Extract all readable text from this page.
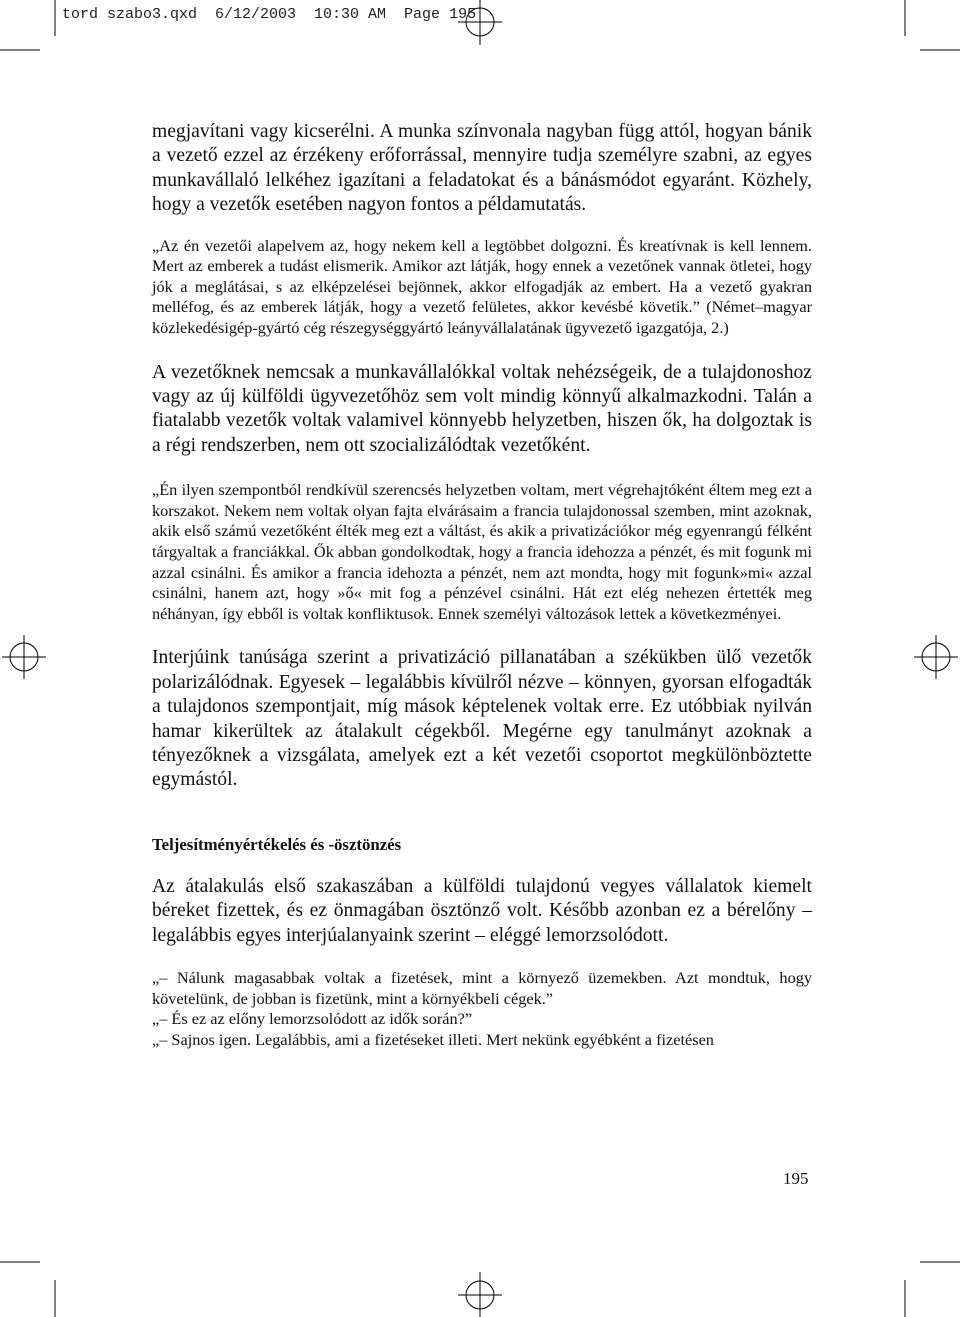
tord szabo3.qxd  6/12/2003  10:30 AM  Page 195

megjavítani vagy kicserélni. A munka színvonala nagyban függ attól, hogyan bánik a vezető ezzel az érzékeny erőforrással, mennyire tudja személyre szabni, az egyes munkavállaló lelkéhez igazítani a feladatokat és a bánásmódot egyaránt. Közhely, hogy a vezetők esetében nagyon fontos a példamutatás.

„Az én vezetői alapelvem az, hogy nekem kell a legtöbbet dolgozni. És kreatívnak is kell lennem. Mert az emberek a tudást elismerik. Amikor azt látják, hogy ennek a vezetőnek vannak ötletei, hogy jók a meglátásai, s az elképzelései bejönnek, akkor elfogadják az embert. Ha a vezető gyakran melléfog, és az emberek látják, hogy a vezető felületes, akkor kevésbé követik.” (Német–magyar közlekedésigép-gyártó cég részegységgyártó leányvállalatának ügyvezető igazgatója, 2.)

A vezetőknek nemcsak a munkavállalókkal voltak nehézségeik, de a tulajdonoshoz vagy az új külföldi ügyvezetőhöz sem volt mindig könnyű alkalmazkodni. Talán a fiatalabb vezetők voltak valamivel könnyebb helyzetben, hiszen ők, ha dolgoztak is a régi rendszerben, nem ott szocializálódtak vezetőként.

„Én ilyen szempontból rendkívül szerencsés helyzetben voltam, mert végrehajtóként éltem meg ezt a korszakot. Nekem nem voltak olyan fajta elvárásaim a francia tulajdonossal szemben, mint azoknak, akik első számú vezetőként élték meg ezt a váltást, és akik a privatizációkor még egyenrangú félként tárgyaltak a franciákkal. Ők abban gondolkodtak, hogy a francia idehozza a pénzét, és mit fogunk mi azzal csinálni. És amikor a francia idehozta a pénzét, nem azt mondta, hogy mit fogunk»mi« azzal csinálni, hanem azt, hogy »ő« mit fog a pénzével csinálni. Hát ezt elég nehezen értették meg néhányan, így ebből is voltak konfliktusok. Ennek személyi változások lettek a következményei.

Interjúink tanúsága szerint a privatizáció pillanatában a székükben ülő vezetők polarizálódnak. Egyesek – legalábbis kívülről nézve – könnyen, gyorsan elfogadták a tulajdonos szempontjait, míg mások képtelenek voltak erre. Ez utóbbiak nyilván hamar kikerültek az átalakult cégekből. Megérne egy tanulmányt azoknak a tényezőknek a vizsgálata, amelyek ezt a két vezetői csoportot megkülönböztette egymástól.

Teljesítményértékelés és -ösztönzés

Az átalakulás első szakaszában a külföldi tulajdonú vegyes vállalatok kiemelt béreket fizettek, és ez önmagában ösztönző volt. Később azonban ez a bérelőny – legalábbis egyes interjúalanyaink szerint – eléggé lemorzsolódott.

„– Nálunk magasabbak voltak a fizetések, mint a környező üzemekben. Azt mondtuk, hogy követelünk, de jobban is fizetünk, mint a környékbeli cégek.”

„– És ez az előny lemorzsolódott az idők során?”

„– Sajnos igen. Legalábbis, ami a fizetéseket illeti. Mert nekünk egyébként a fizetésen

195
